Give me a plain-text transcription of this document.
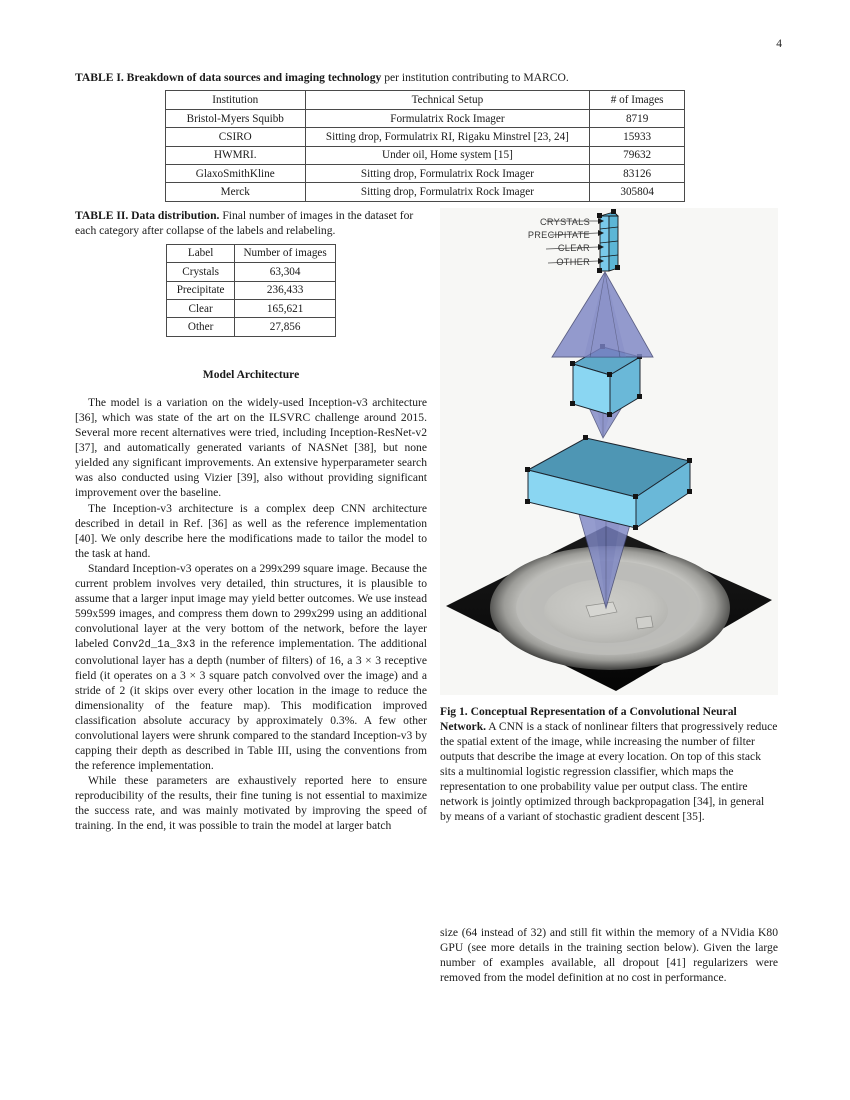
4
TABLE I. Breakdown of data sources and imaging technology per institution contributing to MARCO.
Institution	Technical Setup	# of Images
Bristol-Myers Squibb	Formulatrix Rock Imager	8719
CSIRO	Sitting drop, Formulatrix RI, Rigaku Minstrel [23, 24]	15933
HWMRI.	Under oil, Home system [15]	79632
GlaxoSmithKline	Sitting drop, Formulatrix Rock Imager	83126
Merck	Sitting drop, Formulatrix Rock Imager	305804
TABLE II. Data distribution. Final number of images in the dataset for each category after collapse of the labels and relabeling.
Label	Number of images
Crystals	63,304
Precipitate	236,433
Clear	165,621
Other	27,856
Model Architecture

The model is a variation on the widely-used Inception-v3 architecture [36], which was state of the art on the ILSVRC challenge around 2015. Several more recent alternatives were tried, including Inception-ResNet-v2 [37], and automatically generated variants of NASNet [38], but none yielded any significant improvements. An extensive hyperparameter search was also conducted using Vizier [39], also without providing significant improvement over the baseline.

The Inception-v3 architecture is a complex deep CNN architecture described in detail in Ref. [36] as well as the reference implementation [40]. We only describe here the modifications made to tailor the model to the task at hand.

Standard Inception-v3 operates on a 299x299 square image. Because the current problem involves very detailed, thin structures, it is plausible to assume that a larger input image may yield better outcomes. We use instead 599x599 images, and compress them down to 299x299 using an additional convolutional layer at the very bottom of the network, before the layer labeled Conv2d_1a_3x3 in the reference implementation. The additional convolutional layer has a depth (number of filters) of 16, a 3 × 3 receptive field (it operates on a 3 × 3 square patch convolved over the image) and a stride of 2 (it skips over every other location in the image to reduce the dimensionality of the feature map). This modification improved classification absolute accuracy by approximately 0.3%. A few other convolutional layers were shrunk compared to the standard Inception-v3 by capping their depth as described in Table III, using the conventions from the reference implementation.

While these parameters are exhaustively reported here to ensure reproducibility of the results, their fine tuning is not essential to maximize the success rate, and was mainly motivated by improving the speed of training. In the end, it was possible to train the model at larger batch

CRYSTALS
PRECIPITATE
CLEAR
OTHER
Fig 1. Conceptual Representation of a Convolutional Neural Network. A CNN is a stack of nonlinear filters that progressively reduce the spatial extent of the image, while increasing the number of filter outputs that describe the image at every location. On top of this stack sits a multinomial logistic regression classifier, which maps the representation to one probability value per output class. The entire network is jointly optimized through backpropagation [34], in general by means of a variant of stochastic gradient descent [35].

size (64 instead of 32) and still fit within the memory of a NVidia K80 GPU (see more details in the training section below). Given the large number of examples available, all dropout [41] regularizers were removed from the model definition at no cost in performance.
